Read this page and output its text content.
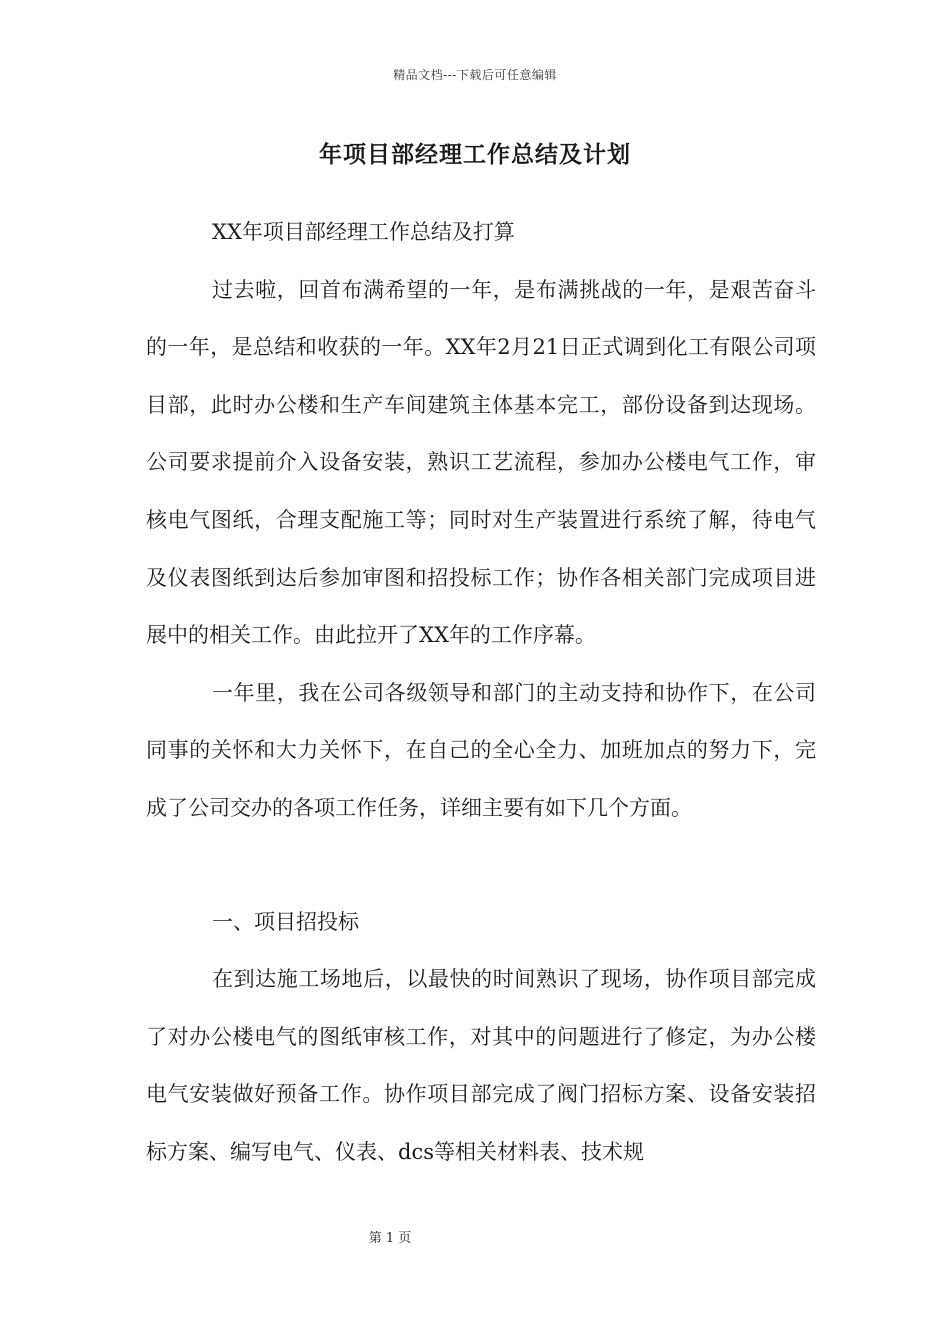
精品文档---下载后可任意编辑
年项目部经理工作总结及计划

XX年项目部经理工作总结及打算

过去啦，回首布满希望的一年，是布满挑战的一年，是艰苦奋斗的一年，是总结和收获的一年。XX年2月21日正式调到化工有限公司项目部，此时办公楼和生产车间建筑主体基本完工，部份设备到达现场。公司要求提前介入设备安装，熟识工艺流程，参加办公楼电气工作，审核电气图纸，合理支配施工等；同时对生产装置进行系统了解，待电气及仪表图纸到达后参加审图和招投标工作；协作各相关部门完成项目进展中的相关工作。由此拉开了XX年的工作序幕。

一年里，我在公司各级领导和部门的主动支持和协作下，在公司同事的关怀和大力关怀下，在自己的全心全力、加班加点的努力下，完成了公司交办的各项工作任务，详细主要有如下几个方面。

一、项目招投标

在到达施工场地后，以最快的时间熟识了现场，协作项目部完成了对办公楼电气的图纸审核工作，对其中的问题进行了修定，为办公楼电气安装做好预备工作。协作项目部完成了阀门招标方案、设备安装招标方案、编写电气、仪表、dcs等相关材料表、技术规

第 1 页
